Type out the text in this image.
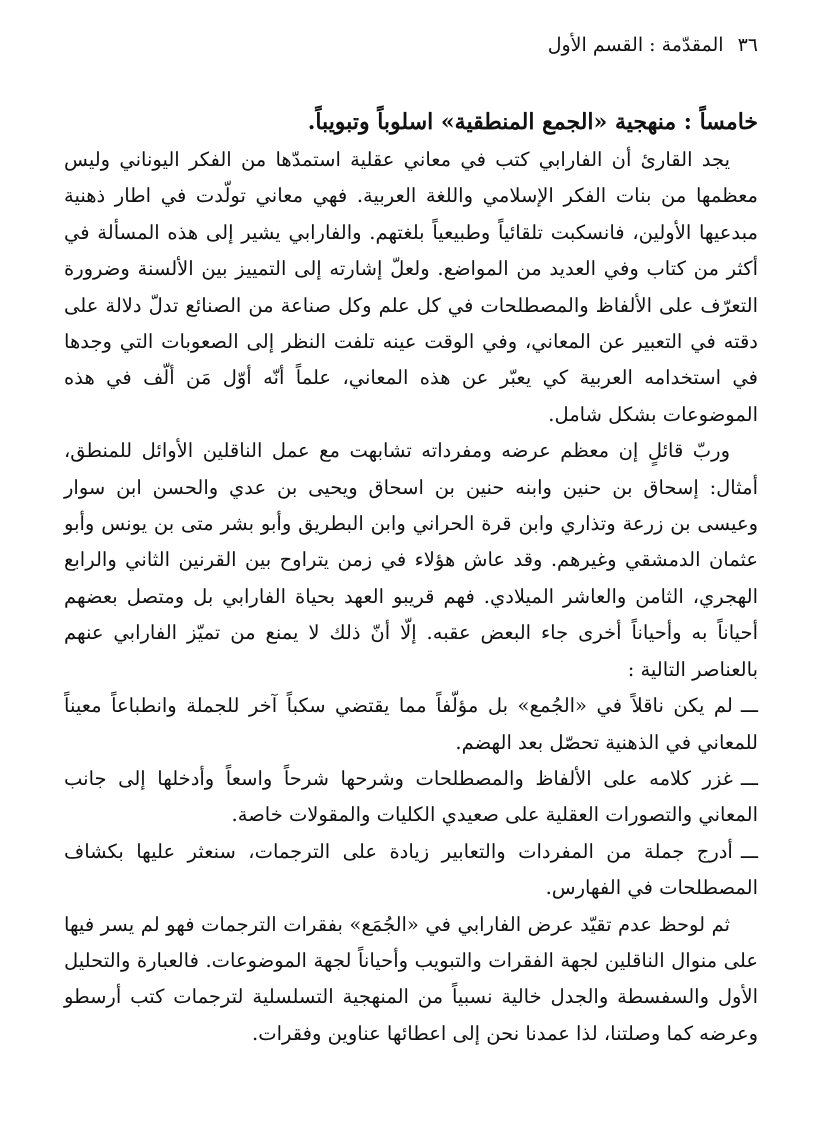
٣٦
المقدّمة : القسم الأول
خامساً : منهجية «الجمع المنطقية» اسلوباً وتبويباً.

يجد القارئ أن الفارابي كتب في معاني عقلية استمدّها من الفكر اليوناني وليس معظمها من بنات الفكر الإسلامي واللغة العربية. فهي معاني تولّدت في اطار ذهنية مبدعيها الأولين، فانسكبت تلقائياً وطبيعياً بلغتهم. والفارابي يشير إلى هذه المسألة في أكثر من كتاب وفي العديد من المواضع. ولعلّ إشارته إلى التمييز بين الألسنة وضرورة التعرّف على الألفاظ والمصطلحات في كل علم وكل صناعة من الصنائع تدلّ دلالة على دقته في التعبير عن المعاني، وفي الوقت عينه تلفت النظر إلى الصعوبات التي وجدها في استخدامه العربية كي يعبّر عن هذه المعاني، علماً أنّه أوّل مَن ألّف في هذه الموضوعات بشكل شامل.

وربّ قائلٍ إن معظم عرضه ومفرداته تشابهت مع عمل الناقلين الأوائل للمنطق، أمثال: إسحاق بن حنين وابنه حنين بن اسحاق ويحيى بن عدي والحسن ابن سوار وعيسى بن زرعة وتذاري وابن قرة الحراني وابن البطريق وأبو بشر متى بن يونس وأبو عثمان الدمشقي وغيرهم. وقد عاش هؤلاء في زمن يتراوح بين القرنين الثاني والرابع الهجري، الثامن والعاشر الميلادي. فهم قريبو العهد بحياة الفارابي بل ومتصل بعضهم أحياناً به وأحياناً أخرى جاء البعض عقبه. إلّا أنّ ذلك لا يمنع من تميّز الفارابي عنهم بالعناصر التالية :

ـــلم يكن ناقلاً في «الجُمع» بل مؤلّفاً مما يقتضي سكباً آخر للجملة وانطباعاً معيناً للمعاني في الذهنية تحصّل بعد الهضم.
ـــغزر كلامه على الألفاظ والمصطلحات وشرحها شرحاً واسعاً وأدخلها إلى جانب المعاني والتصورات العقلية على صعيدي الكليات والمقولات خاصة.
ـــأدرج جملة من المفردات والتعابير زيادة على الترجمات، سنعثر عليها بكشاف المصطلحات في الفهارس.

ثم لوحظ عدم تقيّد عرض الفارابي في «الجُمَع» بفقرات الترجمات فهو لم يسر فيها على منوال الناقلين لجهة الفقرات والتبويب وأحياناً لجهة الموضوعات. فالعبارة والتحليل الأول والسفسطة والجدل خالية نسبياً من المنهجية التسلسلية لترجمات كتب أرسطو وعرضه كما وصلتنا، لذا عمدنا نحن إلى اعطائها عناوين وفقرات.
